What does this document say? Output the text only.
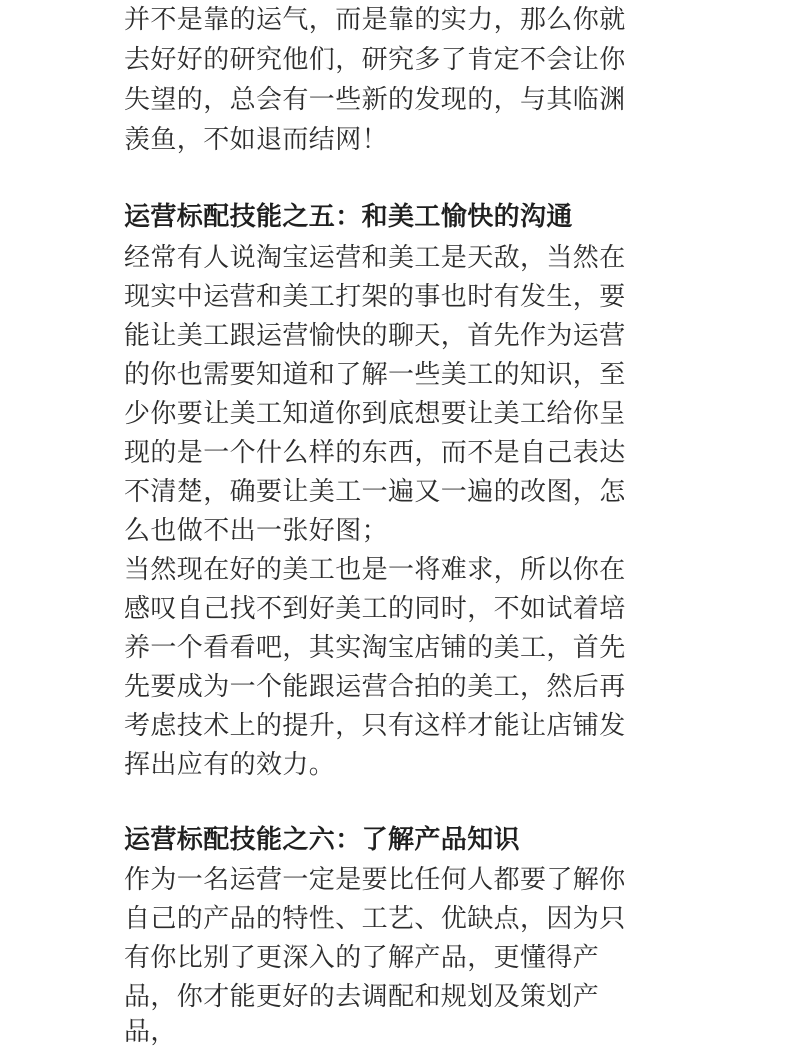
并不是靠的运气，而是靠的实力，那么你就
去好好的研究他们，研究多了肯定不会让你
失望的，总会有一些新的发现的，与其临渊
羡鱼，不如退而结网！
运营标配技能之五：和美工愉快的沟通
经常有人说淘宝运营和美工是天敌，当然在
现实中运营和美工打架的事也时有发生，要
能让美工跟运营愉快的聊天，首先作为运营
的你也需要知道和了解一些美工的知识，至
少你要让美工知道你到底想要让美工给你呈
现的是一个什么样的东西，而不是自己表达
不清楚，确要让美工一遍又一遍的改图，怎
么也做不出一张好图；
当然现在好的美工也是一将难求，所以你在
感叹自己找不到好美工的同时，不如试着培
养一个看看吧，其实淘宝店铺的美工，首先
先要成为一个能跟运营合拍的美工，然后再
考虑技术上的提升，只有这样才能让店铺发
挥出应有的效力。
运营标配技能之六：了解产品知识
作为一名运营一定是要比任何人都要了解你
自己的产品的特性、工艺、优缺点，因为只
有你比别了更深入的了解产品，更懂得产
品，你才能更好的去调配和规划及策划产
品，
